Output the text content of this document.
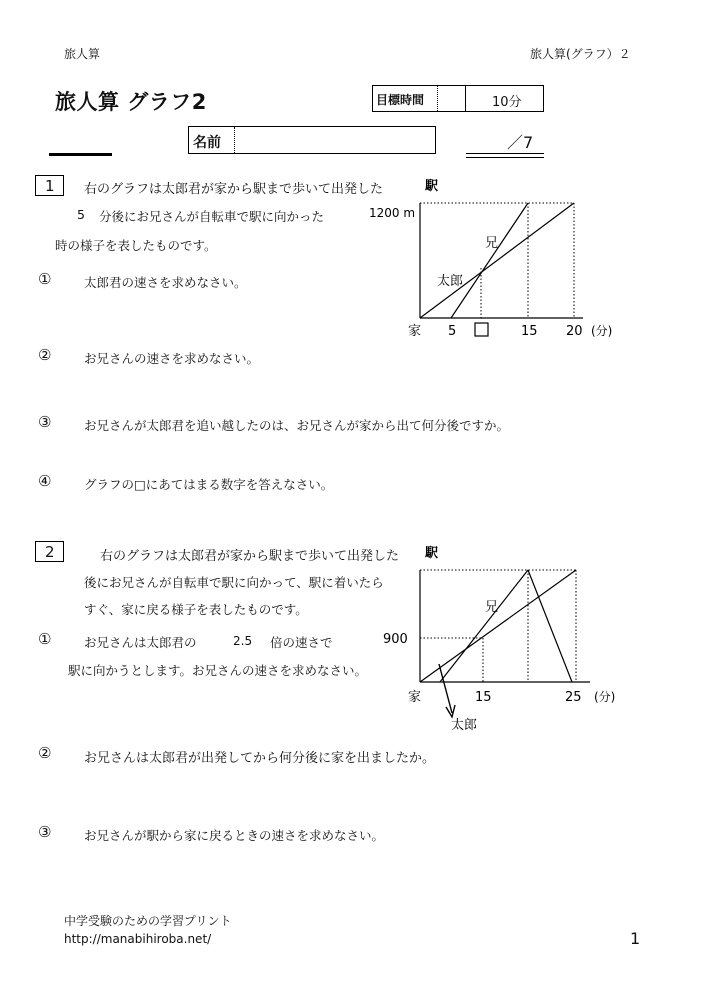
旅人算	旅人算(グラフ）２
旅人算 グラフ2	目標時間	10分
名前	／7
1 右のグラフは太郎君が家から駅まで歩いて出発した
5 分後にお兄さんが自転車で駅に向かった
時の様子を表したものです。
①	太郎君の速さを求めなさい。
②	お兄さんの速さを求めなさい。
③	お兄さんが太郎君を追い越したのは、お兄さんが家から出て何分後ですか。
④	グラフの□にあてはまる数字を答えなさい。
駅
1200 m
兄
太郎
家 5	15 20 (分)
2	右のグラフは太郎君が家から駅まで歩いて出発した
後にお兄さんが自転車で駅に向かって、駅に着いたら
すぐ、家に戻る様子を表したものです。
①	お兄さんは太郎君の	2.5 倍の速さで
駅に向かうとします。お兄さんの速さを求めなさい。
②	お兄さんは太郎君が出発してから何分後に家を出ましたか。
③	お兄さんが駅から家に戻るときの速さを求めなさい。
駅
900
兄
家	15	25 (分)
太郎
中学受験のための学習プリント
http://manabihiroba.net/	1
